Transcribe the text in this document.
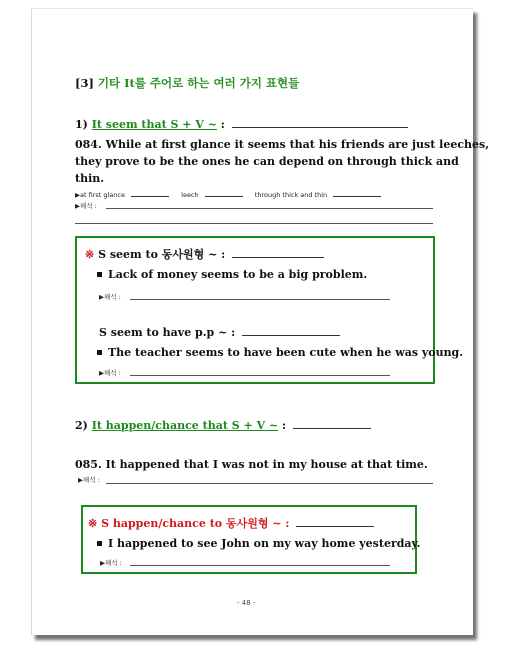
[3] 기타 It를 주어로 하는 여러 가지 표현들
1) It seem that S + V ~ :
084. While at first glance it seems that his friends are just leeches,
they prove to be the ones he can depend on through thick and
thin.
▶at first glance	leech	through thick and thin
▶해석 :
※ S seem to 동사원형 ~ :
Lack of money seems to be a big problem.
▶해석 :
S seem to have p.p ~ :
The teacher seems to have been cute when he was young.
▶해석 :
2) It happen/chance that S + V ~ :
085. It happened that I was not in my house at that time.
▶해석 :
※ S happen/chance to 동사원형 ~ :
I happened to see John on my way home yesterday.
▶해석 :
- 48 -
